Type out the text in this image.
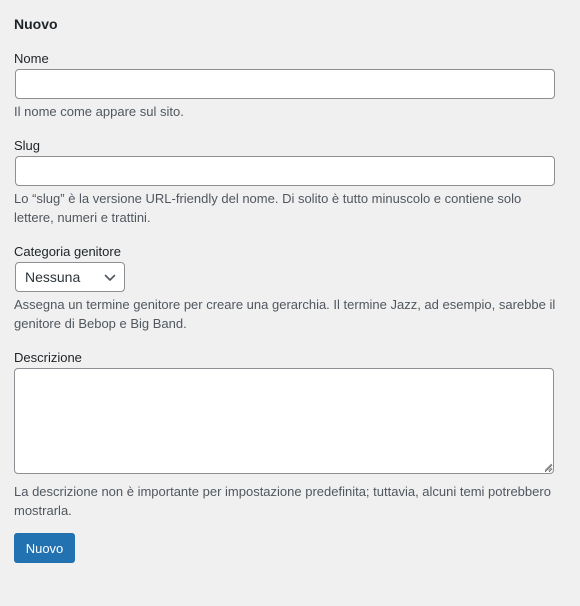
Nuovo
Nome

Il nome come appare sul sito.

Slug

Lo “slug” è la versione URL-friendly del nome. Di solito è tutto minuscolo e contiene solo lettere, numeri e trattini.

Categoria genitore
Nessuna

Assegna un termine genitore per creare una gerarchia. Il termine Jazz, ad esempio, sarebbe il genitore di Bebop e Big Band.

Descrizione

La descrizione non è importante per impostazione predefinita; tuttavia, alcuni temi potrebbero mostrarla.

Nuovo
